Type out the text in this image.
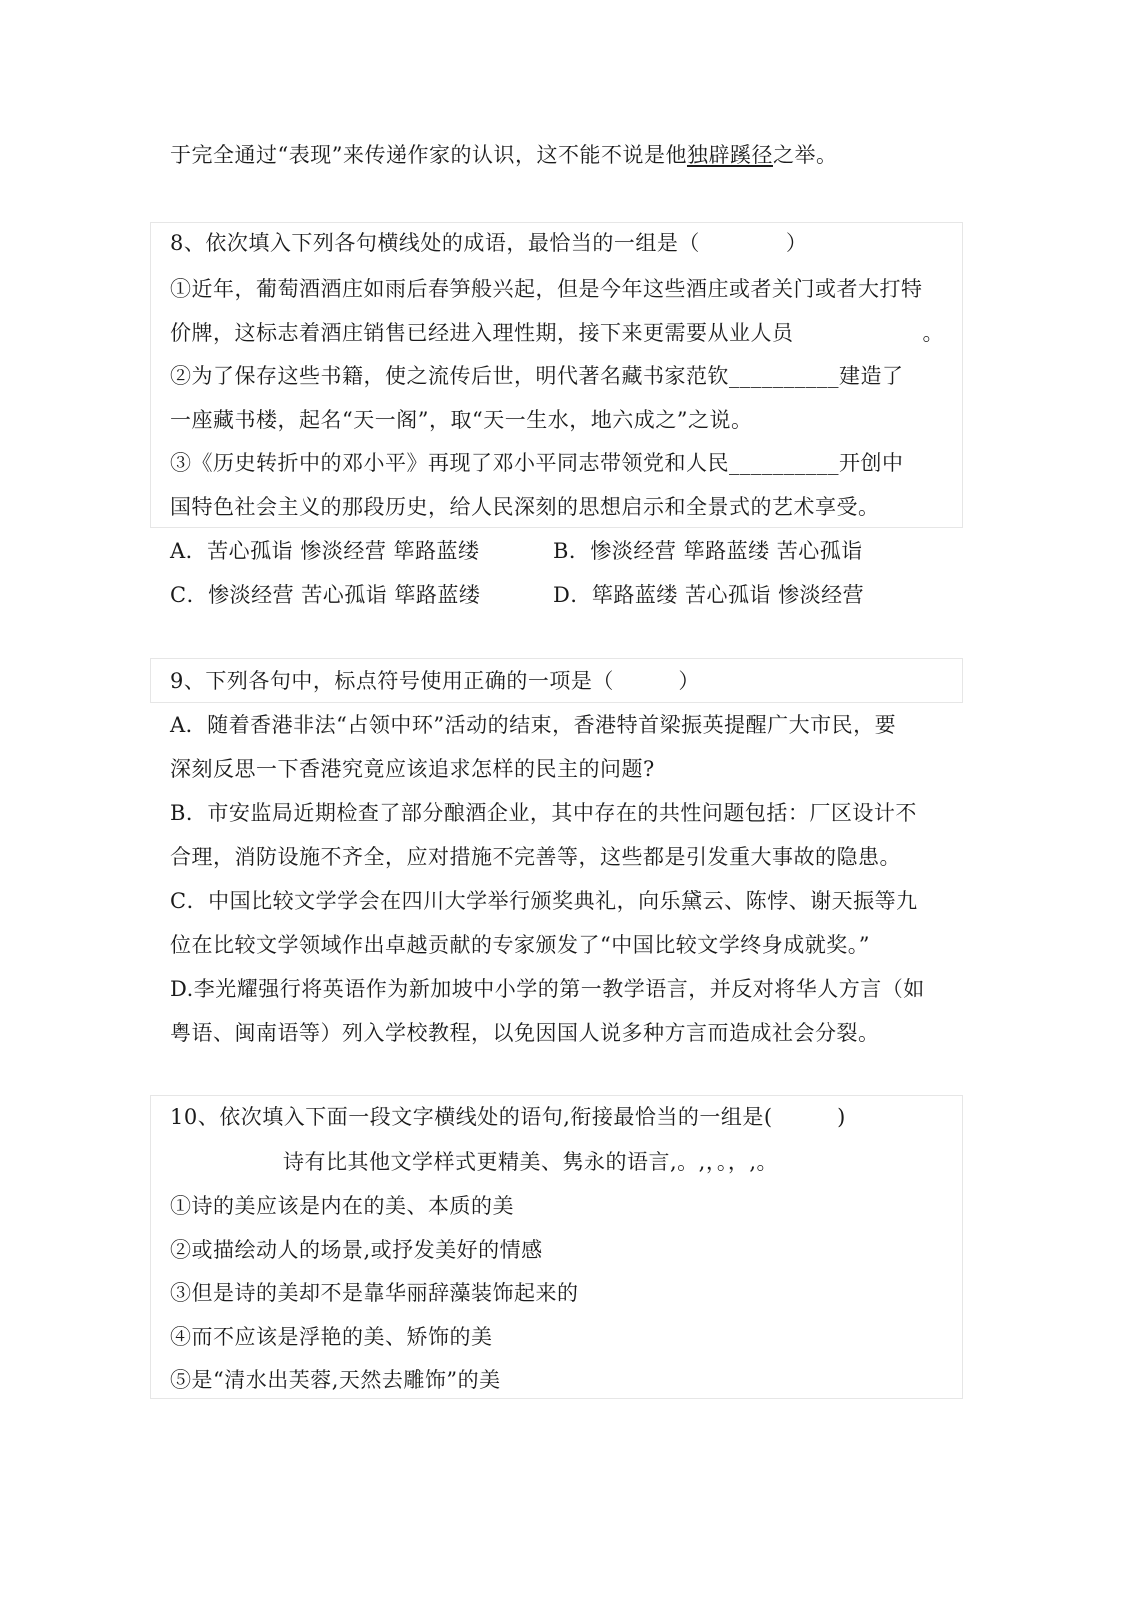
于完全通过“表现”来传递作家的认识，这不能不说是他独辟蹊径之举。
8、依次填入下列各句横线处的成语，最恰当的一组是（　　　　）
①近年，葡萄酒酒庄如雨后春笋般兴起，但是今年这些酒庄或者关门或者大打特
价牌，这标志着酒庄销售已经进入理性期，接下来更需要从业人员　　　　　　。
②为了保存这些书籍，使之流传后世，明代著名藏书家范钦__________建造了
一座藏书楼，起名“天一阁”，取“天一生水，地六成之”之说。
③《历史转折中的邓小平》再现了邓小平同志带领党和人民__________开创中
国特色社会主义的那段历史，给人民深刻的思想启示和全景式的艺术享受。
A．苦心孤诣 惨淡经营 筚路蓝缕	B．惨淡经营 筚路蓝缕 苦心孤诣
C．惨淡经营 苦心孤诣 筚路蓝缕	D．筚路蓝缕 苦心孤诣 惨淡经营
9、下列各句中，标点符号使用正确的一项是（　　　）
A．随着香港非法“占领中环”活动的结束，香港特首梁振英提醒广大市民，要
深刻反思一下香港究竟应该追求怎样的民主的问题?
B．市安监局近期检查了部分酿酒企业，其中存在的共性问题包括：厂区设计不
合理，消防设施不齐全，应对措施不完善等，这些都是引发重大事故的隐患。
C．中国比较文学学会在四川大学举行颁奖典礼，向乐黛云、陈悖、谢天振等九
位在比较文学领域作出卓越贡献的专家颁发了“中国比较文学终身成就奖。”
D.李光耀强行将英语作为新加坡中小学的第一教学语言，并反对将华人方言（如
粤语、闽南语等）列入学校教程，以免因国人说多种方言而造成社会分裂。
10、依次填入下面一段文字横线处的语句,衔接最恰当的一组是(　　　)
诗有比其他文学样式更精美、隽永的语言,。,，。，,。
①诗的美应该是内在的美、本质的美
②或描绘动人的场景,或抒发美好的情感
③但是诗的美却不是靠华丽辞藻装饰起来的
④而不应该是浮艳的美、矫饰的美
⑤是“清水出芙蓉,天然去雕饰”的美
